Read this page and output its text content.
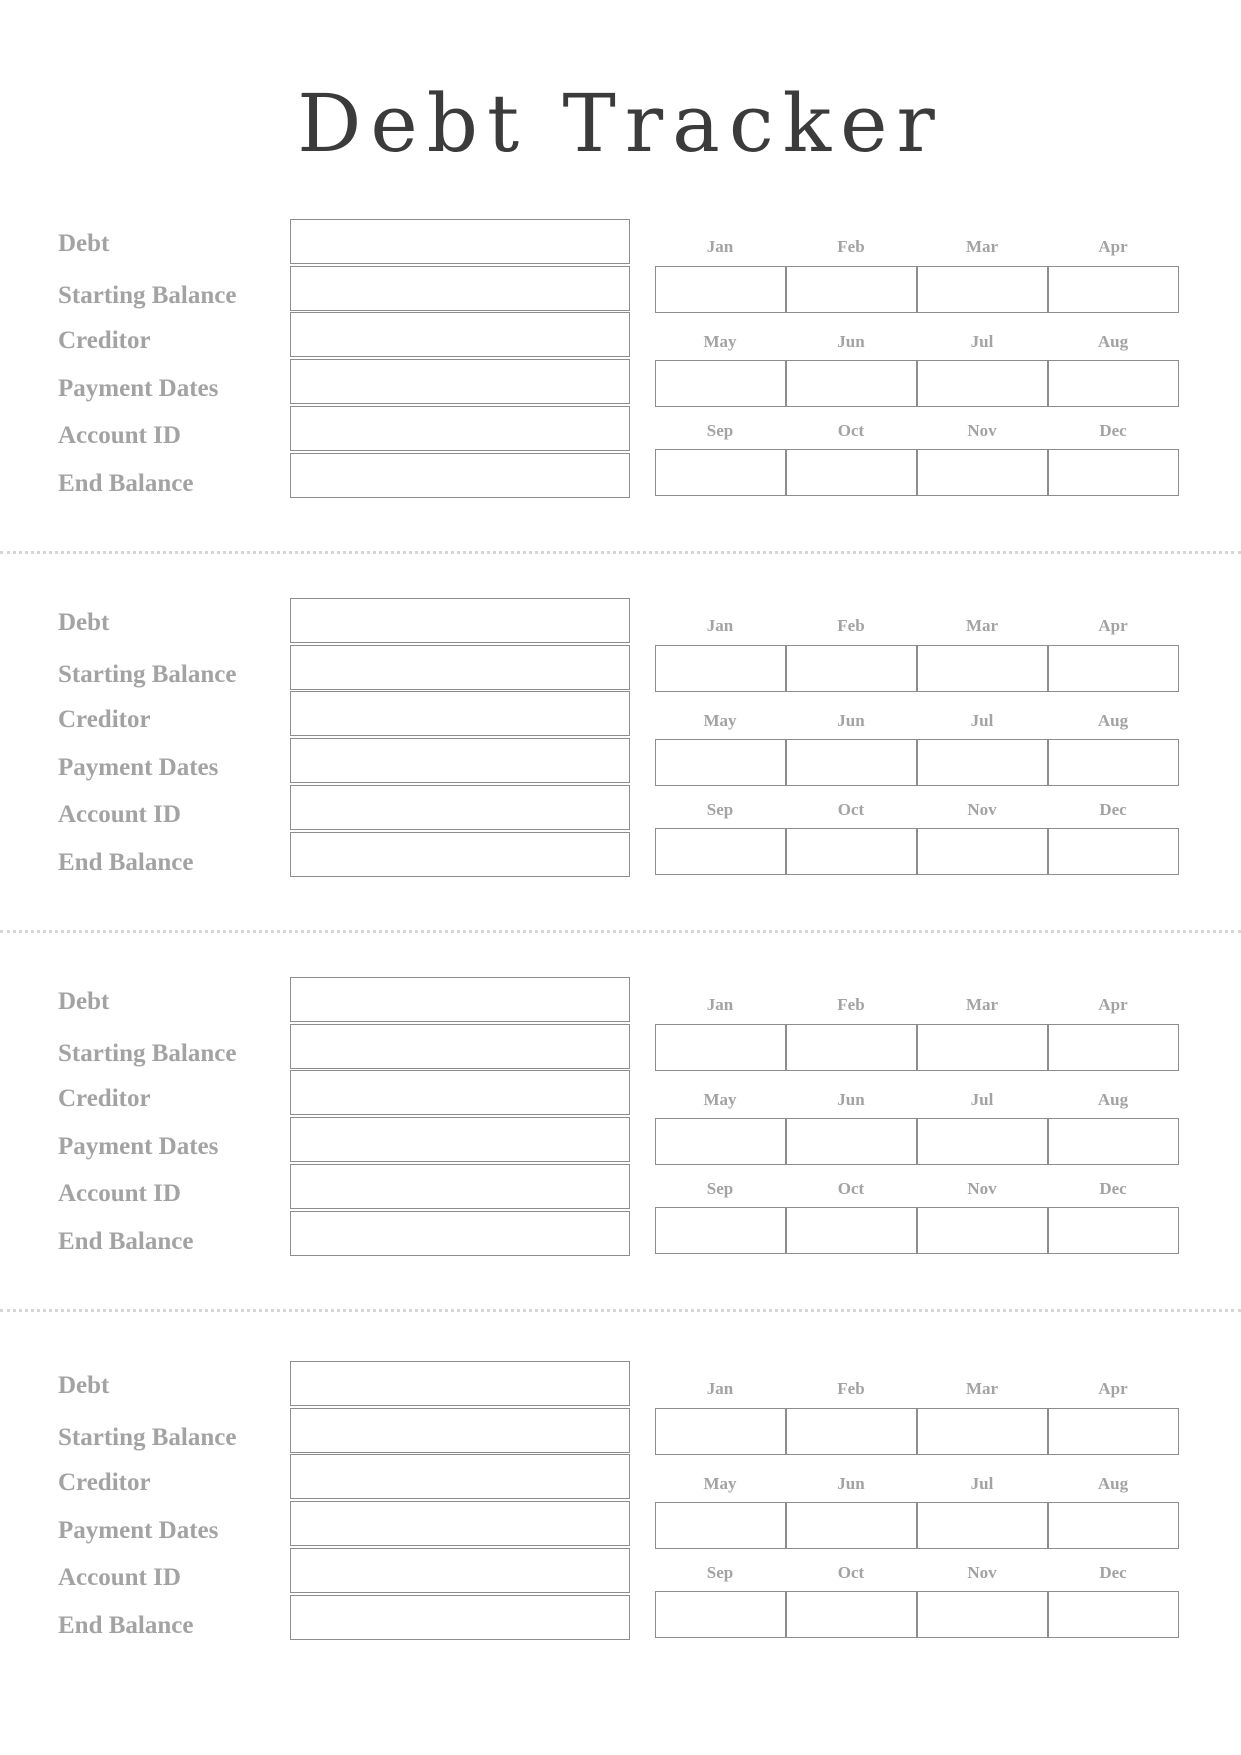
Debt Tracker
Debt
Starting Balance
Creditor
Payment Dates
Account ID
End Balance
Jan	Feb	Mar	Apr
May	Jun	Jul	Aug
Sep	Oct	Nov	Dec
Debt
Starting Balance
Creditor
Payment Dates
Account ID
End Balance
Jan	Feb	Mar	Apr
May	Jun	Jul	Aug
Sep	Oct	Nov	Dec
Debt
Starting Balance
Creditor
Payment Dates
Account ID
End Balance
Jan	Feb	Mar	Apr
May	Jun	Jul	Aug
Sep	Oct	Nov	Dec
Debt
Starting Balance
Creditor
Payment Dates
Account ID
End Balance
Jan	Feb	Mar	Apr
May	Jun	Jul	Aug
Sep	Oct	Nov	Dec
